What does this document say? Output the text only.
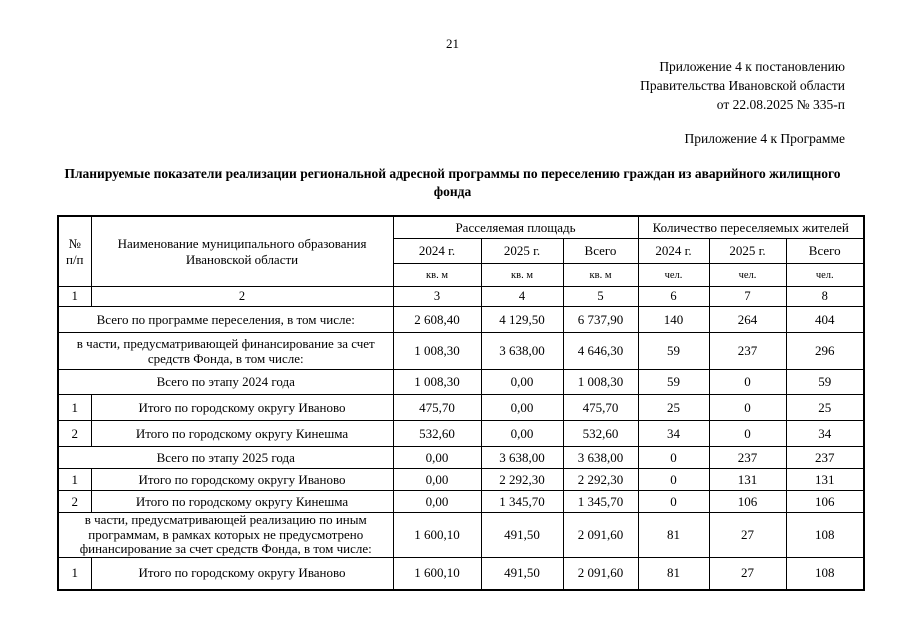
21
Приложение 4 к постановлению
Правительства Ивановской области
от 22.08.2025 № 335-п
Приложение 4 к Программе
Планируемые показатели реализации региональной адресной программы по переселению граждан из аварийного жилищного фонда
№ п/п	Наименование муниципального образования Ивановской области	Расселяемая площадь			Количество переселяемых жителей		
		2024 г.	2025 г.	Всего	2024 г.	2025 г.	Всего
		кв. м	кв. м	кв. м	чел.	чел.	чел.
1	2	3	4	5	6	7	8
Всего по программе переселения, в том числе:		2 608,40	4 129,50	6 737,90	140	264	404
в части, предусматривающей финансирование за счет средств Фонда, в том числе:		1 008,30	3 638,00	4 646,30	59	237	296
Всего по этапу 2024 года		1 008,30	0,00	1 008,30	59	0	59
1	Итого по городскому округу Иваново	475,70	0,00	475,70	25	0	25
2	Итого по городскому округу Кинешма	532,60	0,00	532,60	34	0	34
Всего по этапу 2025 года		0,00	3 638,00	3 638,00	0	237	237
1	Итого по городскому округу Иваново	0,00	2 292,30	2 292,30	0	131	131
2	Итого по городскому округу Кинешма	0,00	1 345,70	1 345,70	0	106	106
в части, предусматривающей реализацию по иным программам, в рамках которых не предусмотрено финансирование за счет средств Фонда, в том числе:		1 600,10	491,50	2 091,60	81	27	108
1	Итого по городскому округу Иваново	1 600,10	491,50	2 091,60	81	27	108
